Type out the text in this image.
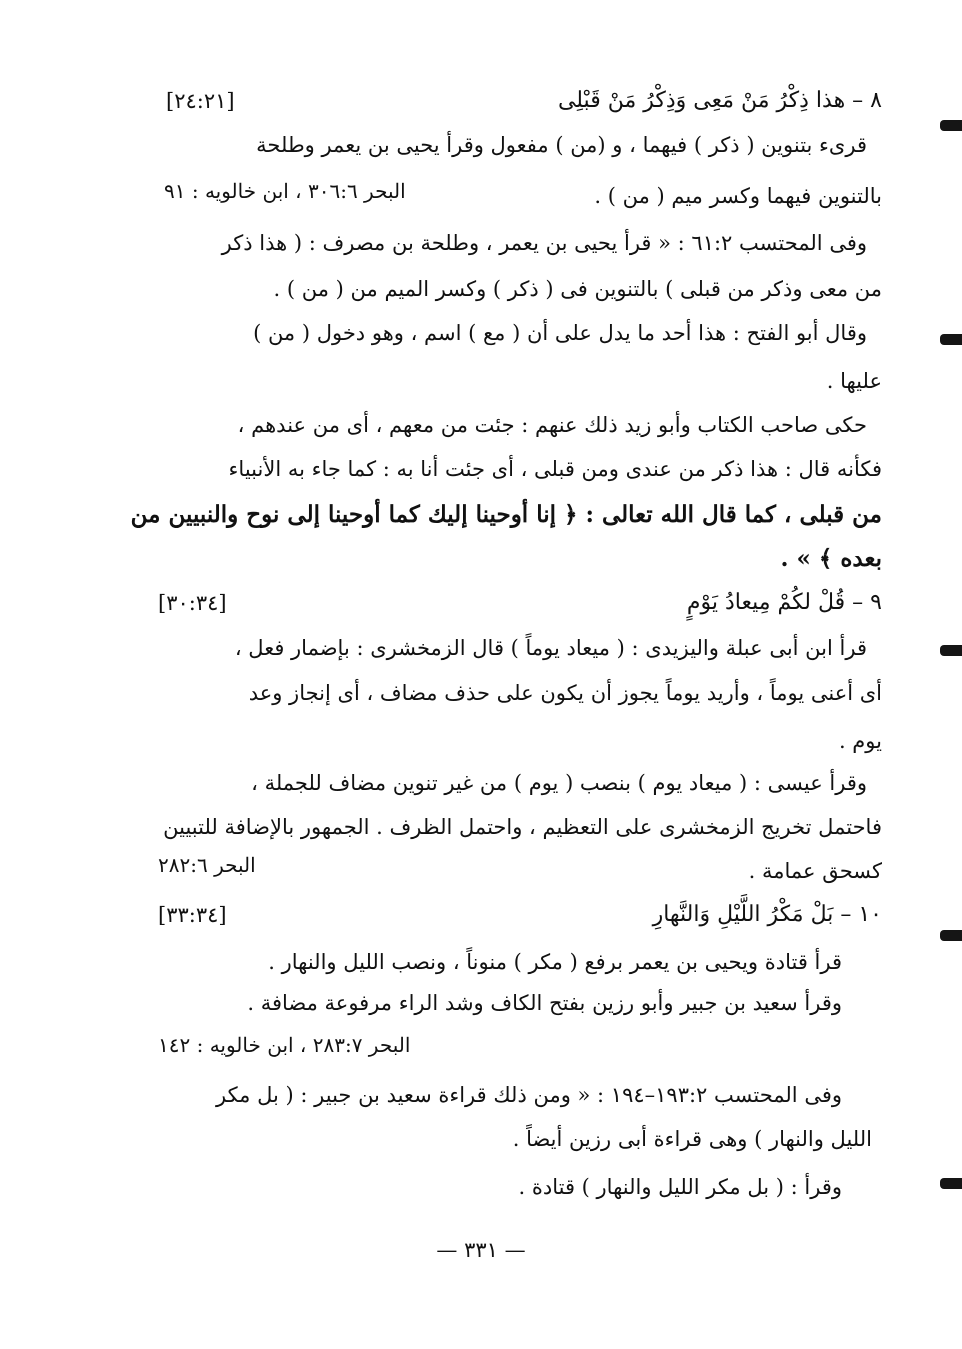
٨ – هذا ذِكْرُ مَنْ مَعِى وَذِكْرُ مَنْ قَبْلِى
[٢٤:٢١]
قرىء بتنوين ( ذكر ) فيهما ، و (من ) مفعول وقرأ يحيى بن يعمر وطلحة
بالتنوين فيهما وكسر ميم ( من ) .
البحر ٣٠٦:٦ ، ابن خالويه : ٩١
وفى المحتسب ٦١:٢ : « قرأ يحيى بن يعمر ، وطلحة بن مصرف : ( هذا ذكر
من معى وذكر من قبلى ) بالتنوين فى ( ذكر ) وكسر الميم من ( من ) .
وقال أبو الفتح : هذا أحد ما يدل على أن ( مع ) اسم ، وهو دخول ( من )
عليها .
حكى صاحب الكتاب وأبو زيد ذلك عنهم : جئت من معهم ، أى من عندهم ،
فكأنه قال : هذا ذكر من عندى ومن قبلى ، أى جئت أنا به : كما جاء به الأنبياء
من قبلى ، كما قال الله تعالى : ﴿ إنا أوحينا إليك كما أوحينا إلى نوح والنبيين من
بعده ﴾ » .
٩ – قُلْ لكُمْ مِيعادُ يَوْمٍ
[٣٠:٣٤]
قرأ ابن أبى عبلة واليزيدى : ( ميعاد يوماً ) قال الزمخشرى : بإضمار فعل ،
أى أعنى يوماً ، وأريد يوماً يجوز أن يكون على حذف مضاف ، أى إنجاز وعد
يوم .
وقرأ عيسى : ( ميعاد يوم ) بنصب ( يوم ) من غير تنوين مضاف للجملة ،
فاحتمل تخريج الزمخشرى على التعظيم ، واحتمل الظرف . الجمهور بالإضافة للتبيين
كسحق عمامة .
البحر ٢٨٢:٦
١٠ – بَلْ مَكْرُ اللَّيْلِ وَالنَّهارِ
[٣٣:٣٤]
قرأ قتادة ويحيى بن يعمر برفع ( مكر ) منوناً ، ونصب الليل والنهار .
وقرأ سعيد بن جبير وأبو رزين بفتح الكاف وشد الراء مرفوعة مضافة .
البحر ٢٨٣:٧ ، ابن خالويه : ١٤٢
وفى المحتسب ١٩٣:٢–١٩٤ : « ومن ذلك قراءة سعيد بن جبير : ( بل مكر
الليل والنهار ) وهى قراءة أبى رزين أيضاً .
وقرأ : ( بل مكر الليل والنهار ) قتادة .
— ٣٣١ —
